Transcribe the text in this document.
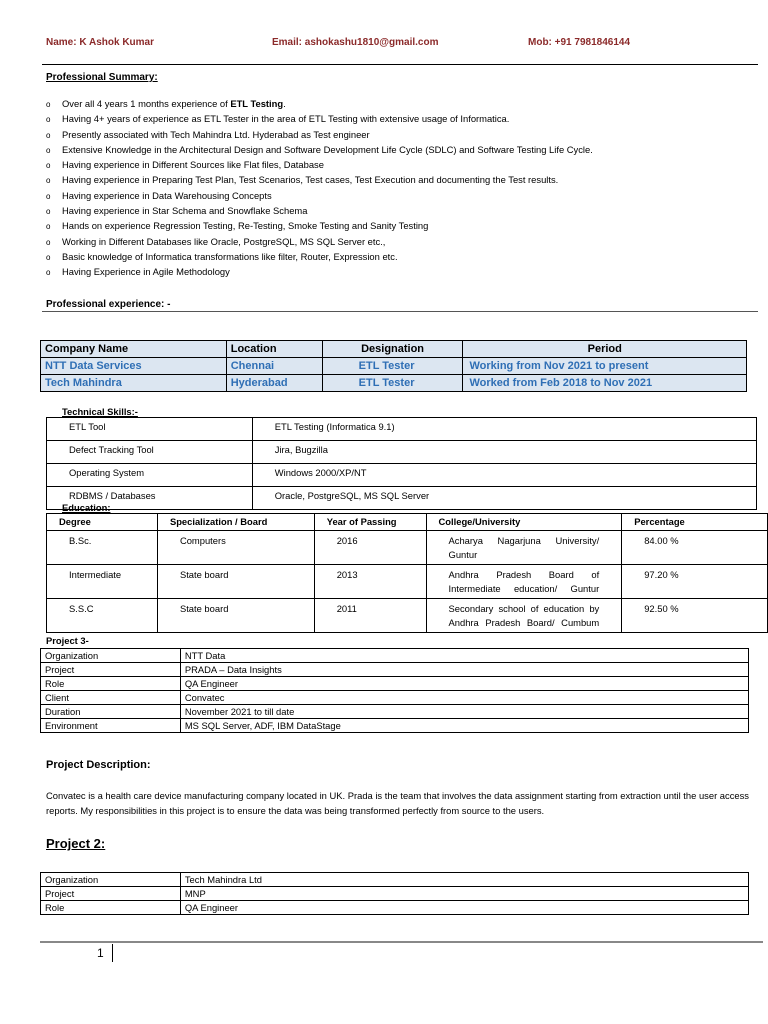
Name: K Ashok Kumar	Email: ashokashu1810@gmail.com	Mob: +91 7981846144
Professional Summary:
o Over all 4 years 1 months experience of ETL Testing.
o Having 4+ years of experience as ETL Tester in the area of ETL Testing with extensive usage of Informatica.
o Presently associated with Tech Mahindra Ltd. Hyderabad as Test engineer
o Extensive Knowledge in the Architectural Design and Software Development Life Cycle (SDLC) and Software Testing Life Cycle.
o Having experience in Different Sources like Flat files, Database
o Having experience in Preparing Test Plan, Test Scenarios, Test cases, Test Execution and documenting the Test results.
o Having experience in Data Warehousing Concepts
o Having experience in Star Schema and Snowflake Schema
o Hands on experience Regression Testing, Re-Testing, Smoke Testing and Sanity Testing
o Working in Different Databases like Oracle, PostgreSQL, MS SQL Server etc.,
o Basic knowledge of Informatica transformations like filter, Router, Expression etc.
o Having Experience in Agile Methodology
Professional experience: -
Company Name	Location	Designation	Period
NTT Data Services	Chennai	ETL Tester	Working from Nov 2021 to present
Tech Mahindra	Hyderabad	ETL Tester	Worked from Feb 2018 to Nov 2021
Technical Skills:-
ETL Tool	ETL Testing (Informatica 9.1)
Defect Tracking Tool	Jira, Bugzilla
Operating System	Windows 2000/XP/NT
RDBMS / Databases	Oracle, PostgreSQL, MS SQL Server
Education:
Degree	Specialization / Board	Year of Passing	College/University	Percentage
B.Sc.	Computers	2016	Acharya Nagarjuna University/ Guntur	84.00 %
Intermediate	State board	2013	Andhra Pradesh Board of Intermediate education/ Guntur	97.20 %
S.S.C	State board	2011	Secondary school of education by Andhra Pradesh Board/ Cumbum	92.50 %
Project 3-
Organization	NTT Data
Project	PRADA – Data Insights
Role	QA Engineer
Client	Convatec
Duration	November 2021 to till date
Environment	MS SQL Server, ADF, IBM DataStage
Project Description:
Convatec is a health care device manufacturing company located in UK. Prada is the team that involves the data assignment starting from extraction until the user access reports. My responsibilities in this project is to ensure the data was being transformed perfectly from source to the users.
Project 2:
Organization	Tech Mahindra Ltd
Project	MNP
Role	QA Engineer
1
